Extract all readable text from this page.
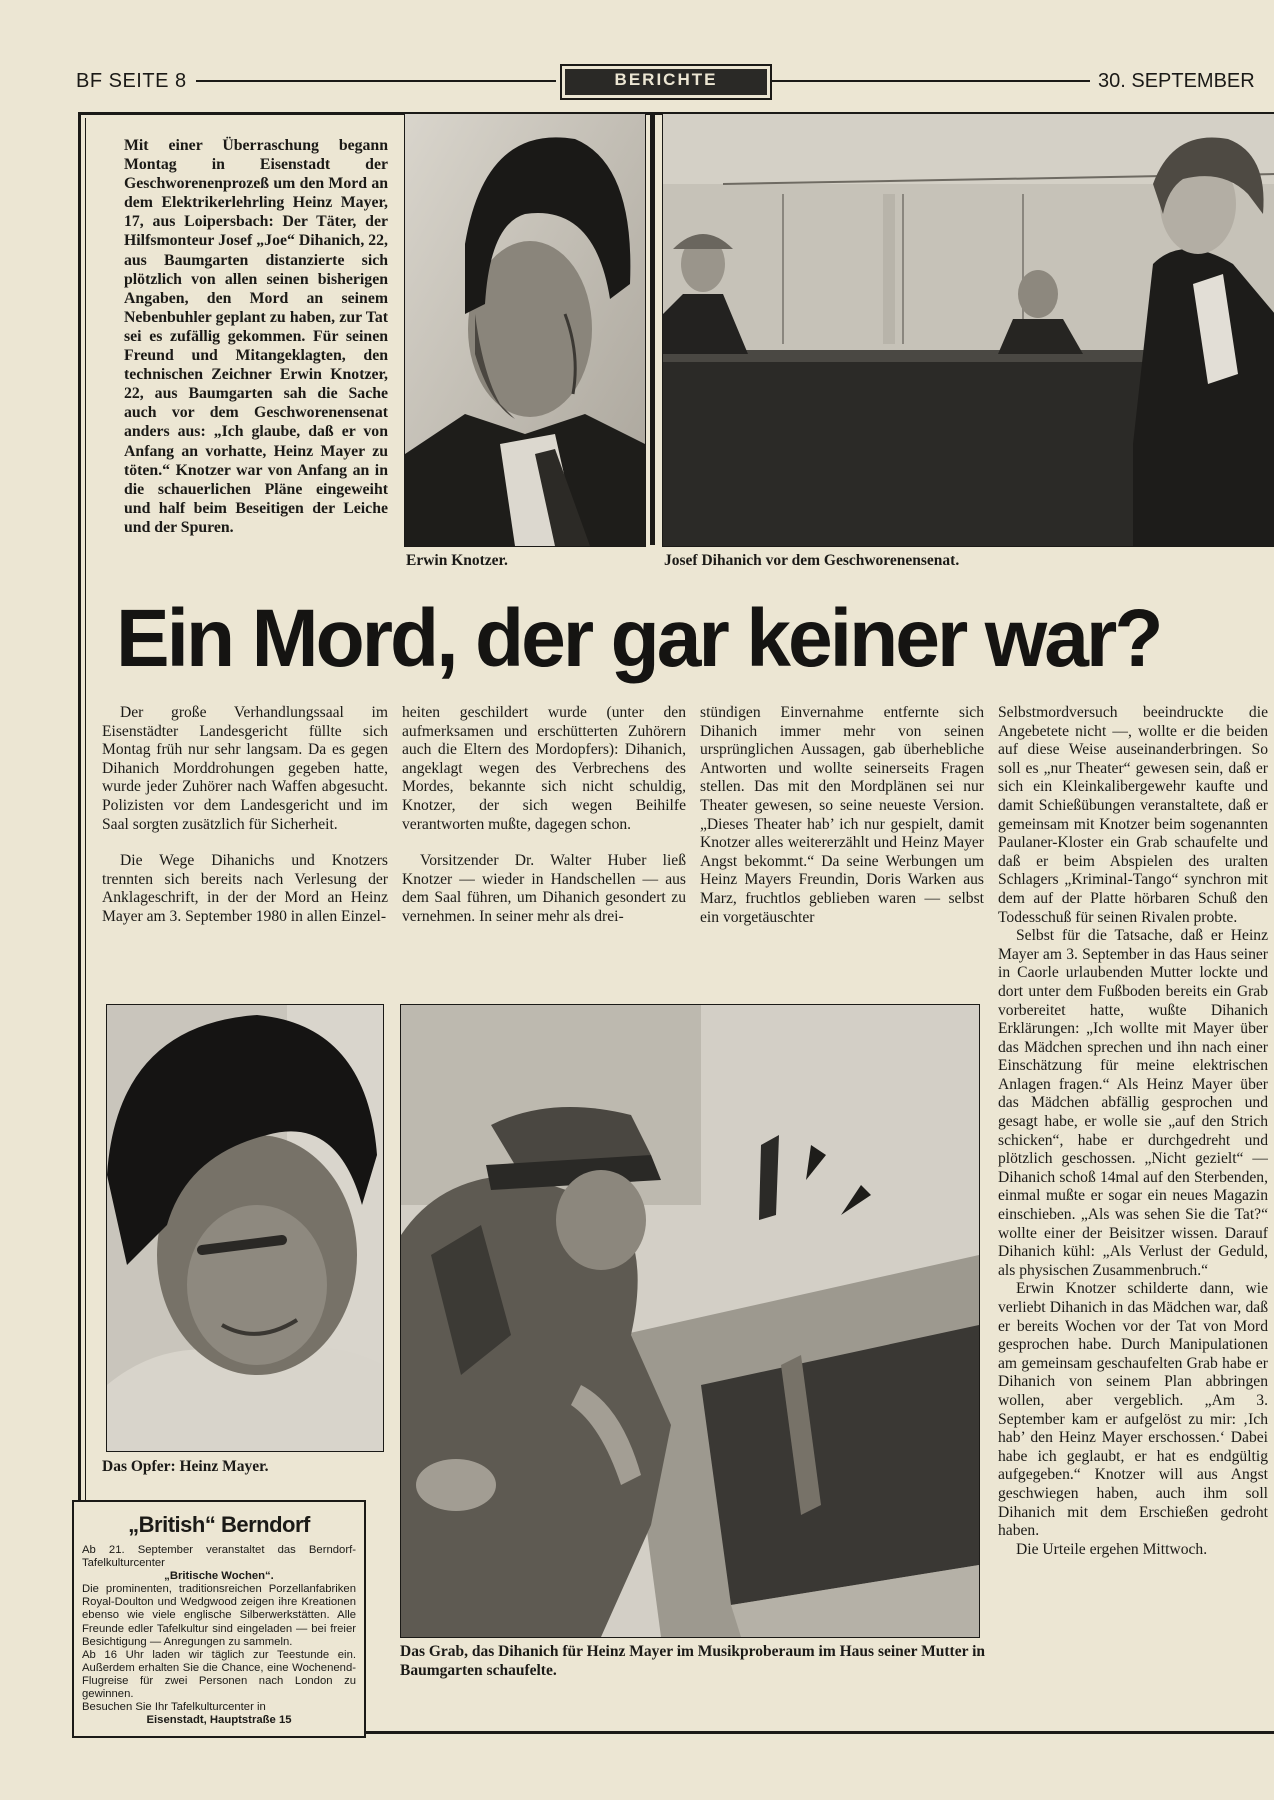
BF SEITE 8	BERICHTE	30. SEPTEMBER
Mit einer Überraschung begann Montag in Eisenstadt der Geschworenenprozeß um den Mord an dem Elektrikerlehrling Heinz Mayer, 17, aus Loipersbach: Der Täter, der Hilfsmonteur Josef „Joe“ Dihanich, 22, aus Baumgarten distanzierte sich plötzlich von allen seinen bisherigen Angaben, den Mord an seinem Nebenbuhler geplant zu haben, zur Tat sei es zufällig gekommen. Für seinen Freund und Mitangeklagten, den technischen Zeichner Erwin Knotzer, 22, aus Baumgarten sah die Sache auch vor dem Geschworenensenat anders aus: „Ich glaube, daß er von Anfang an vorhatte, Heinz Mayer zu töten.“ Knotzer war von Anfang an in die schauerlichen Pläne eingeweiht und half beim Beseitigen der Leiche und der Spuren.
Erwin Knotzer.	Josef Dihanich vor dem Geschworenensenat.
Ein Mord, der gar keiner war?

Der große Verhandlungssaal im Eisenstädter Landesgericht füllte sich Montag früh nur sehr langsam. Da es gegen Dihanich Morddrohungen gegeben hatte, wurde jeder Zuhörer nach Waffen abgesucht. Polizisten vor dem Landesgericht und im Saal sorgten zusätzlich für Sicherheit.

Die Wege Dihanichs und Knotzers trennten sich bereits nach Verlesung der Anklageschrift, in der der Mord an Heinz Mayer am 3. September 1980 in allen Einzel-

heiten geschildert wurde (unter den aufmerksamen und erschütterten Zuhörern auch die Eltern des Mordopfers): Dihanich, angeklagt wegen des Verbrechens des Mordes, bekannte sich nicht schuldig, Knotzer, der sich wegen Beihilfe verantworten mußte, dagegen schon.

Vorsitzender Dr. Walter Huber ließ Knotzer — wieder in Handschellen — aus dem Saal führen, um Dihanich gesondert zu vernehmen. In seiner mehr als drei-

stündigen Einvernahme entfernte sich Dihanich immer mehr von seinen ursprünglichen Aussagen, gab überhebliche Antworten und wollte seinerseits Fragen stellen. Das mit den Mordplänen sei nur Theater gewesen, so seine neueste Version. „Dieses Theater hab’ ich nur gespielt, damit Knotzer alles weitererzählt und Heinz Mayer Angst bekommt.“ Da seine Werbungen um Heinz Mayers Freundin, Doris Warken aus Marz, fruchtlos geblieben waren — selbst ein vorgetäuschter

Selbstmordversuch beeindruckte die Angebetete nicht —, wollte er die beiden auf diese Weise auseinanderbringen. So soll es „nur Theater“ gewesen sein, daß er sich ein Kleinkalibergewehr kaufte und damit Schießübungen veranstaltete, daß er gemeinsam mit Knotzer beim sogenannten Paulaner-Kloster ein Grab schaufelte und daß er beim Abspielen des uralten Schlagers „Kriminal-Tango“ synchron mit dem auf der Platte hörbaren Schuß den Todesschuß für seinen Rivalen probte.

Selbst für die Tatsache, daß er Heinz Mayer am 3. September in das Haus seiner in Caorle urlaubenden Mutter lockte und dort unter dem Fußboden bereits ein Grab vorbereitet hatte, wußte Dihanich Erklärungen: „Ich wollte mit Mayer über das Mädchen sprechen und ihn nach einer Einschätzung für meine elektrischen Anlagen fragen.“ Als Heinz Mayer über das Mädchen abfällig gesprochen und gesagt habe, er wolle sie „auf den Strich schicken“, habe er durchgedreht und plötzlich geschossen. „Nicht gezielt“ — Dihanich schoß 14mal auf den Sterbenden, einmal mußte er sogar ein neues Magazin einschieben. „Als was sehen Sie die Tat?“ wollte einer der Beisitzer wissen. Darauf Dihanich kühl: „Als Verlust der Geduld, als physischen Zusammenbruch.“

Erwin Knotzer schilderte dann, wie verliebt Dihanich in das Mädchen war, daß er bereits Wochen vor der Tat von Mord gesprochen habe. Durch Manipulationen am gemeinsam geschaufelten Grab habe er Dihanich von seinem Plan abbringen wollen, aber vergeblich. „Am 3. September kam er aufgelöst zu mir: ‚Ich hab’ den Heinz Mayer erschossen.‘ Dabei habe ich geglaubt, er hat es endgültig aufgegeben.“ Knotzer will aus Angst geschwiegen haben, auch ihm soll Dihanich mit dem Erschießen gedroht haben.

Die Urteile ergehen Mittwoch.

Das Opfer: Heinz Mayer.
Das Grab, das Dihanich für Heinz Mayer im Musikproberaum im Haus seiner Mutter in Baumgarten schaufelte.
„British“ Berndorf

Ab 21. September veranstaltet das Berndorf-Tafelkulturcenter

„Britische Wochen“.

Die prominenten, traditionsreichen Porzellanfabriken Royal-Doulton und Wedgwood zeigen ihre Kreationen ebenso wie viele englische Silberwerkstätten. Alle Freunde edler Tafelkultur sind eingeladen — bei freier Besichtigung — Anregungen zu sammeln.

Ab 16 Uhr laden wir täglich zur Teestunde ein. Außerdem erhalten Sie die Chance, eine Wochenend-Flugreise für zwei Personen nach London zu gewinnen.

Besuchen Sie Ihr Tafelkulturcenter in

Eisenstadt, Hauptstraße 15
